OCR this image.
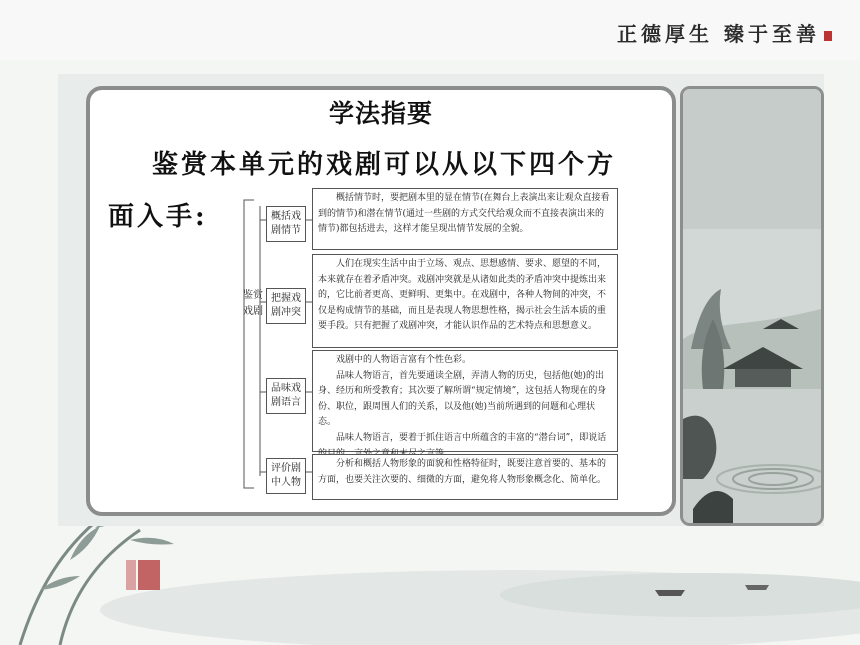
正德厚生 臻于至善
学法指要
鉴赏本单元的戏剧可以从以下四个方
面入手:
鉴赏戏剧
概括戏剧情节

概括情节时，要把剧本里的显在情节(在舞台上表演出来让观众直接看到的情节)和潜在情节(通过一些剧的方式交代给观众而不直接表演出来的情节)都包括进去，这样才能呈现出情节发展的全貌。

把握戏剧冲突

人们在现实生活中由于立场、观点、思想感情、要求、愿望的不同，本来就存在着矛盾冲突。戏剧冲突就是从诸如此类的矛盾冲突中提炼出来的，它比前者更高、更鲜明、更集中。在戏剧中，各种人物间的冲突，不仅是构成情节的基础，而且是表现人物思想性格，揭示社会生活本质的重要手段。只有把握了戏剧冲突，才能认识作品的艺术特点和思想意义。

品味戏剧语言

戏剧中的人物语言富有个性色彩。

品味人物语言，首先要通读全剧，弄清人物的历史，包括他(她)的出身、经历和所受教育；其次要了解所谓“规定情境”，这包括人物现在的身份、职位，跟周围人们的关系，以及他(她)当前所遇到的问题和心理状态。

品味人物语言，要着于抓住语言中所蕴含的丰富的“潜台词”，即说话

评价剧中人物

分析和概括人物形象的面貌和性格特征时，既要注意首要的、基本的方面，也要关注次要的、细微的方面，避免将人物形象概念化、简单化。
